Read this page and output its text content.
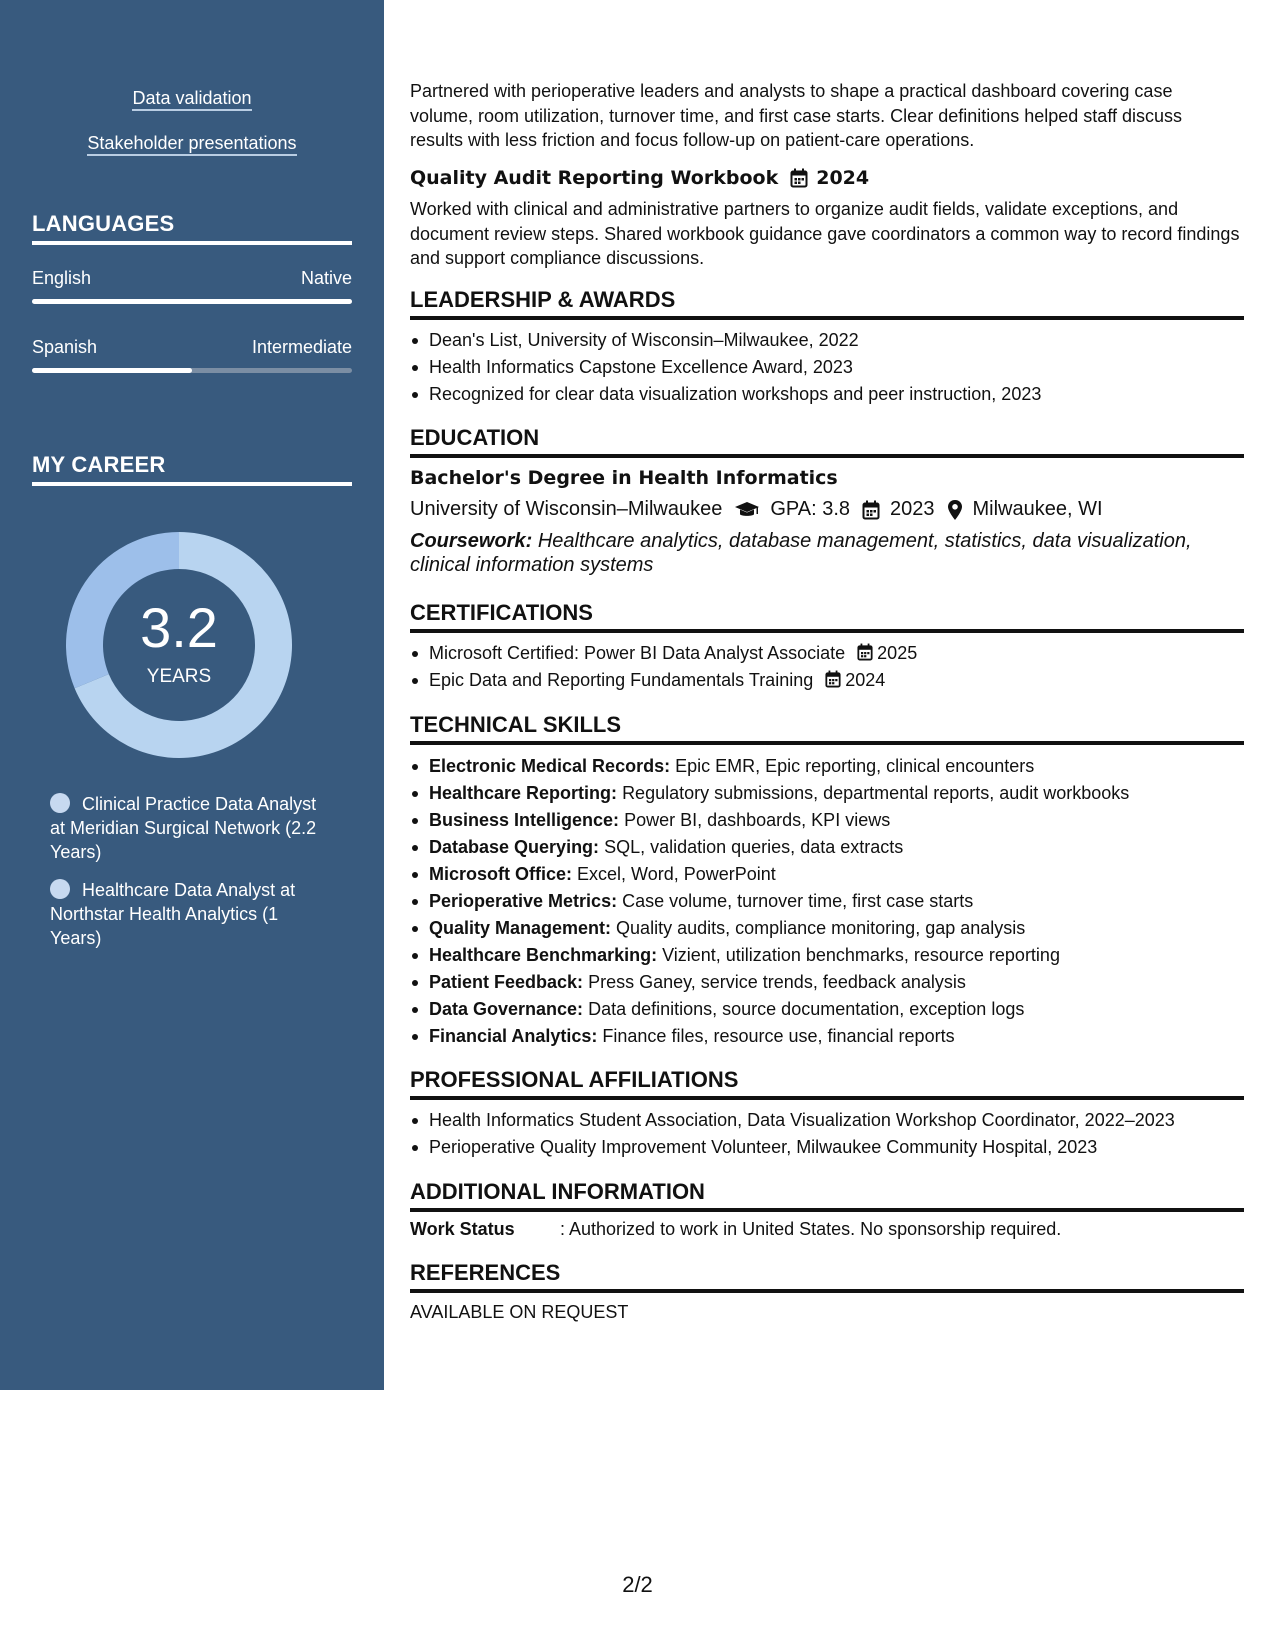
Data validation
Stakeholder presentations
LANGUAGES
English	Native
Spanish	Intermediate
MY CAREER
3.2
YEARS
Clinical Practice Data Analyst at Meridian Surgical Network (2.2 Years)
Healthcare Data Analyst at Northstar Health Analytics (1 Years)

Partnered with perioperative leaders and analysts to shape a practical dashboard covering case volume, room utilization, turnover time, and first case starts. Clear definitions helped staff discuss results with less friction and focus follow-up on patient-care operations.

Quality Audit Reporting Workbook 2024

Worked with clinical and administrative partners to organize audit fields, validate exceptions, and document review steps. Shared workbook guidance gave coordinators a common way to record findings and support compliance discussions.

LEADERSHIP & AWARDS
Dean's List, University of Wisconsin–Milwaukee, 2022
Health Informatics Capstone Excellence Award, 2023
Recognized for clear data visualization workshops and peer instruction, 2023
EDUCATION
Bachelor's Degree in Health Informatics
University of Wisconsin–Milwaukee GPA: 3.8 2023 Milwaukee, WI
Coursework: Healthcare analytics, database management, statistics, data visualization, clinical information systems
CERTIFICATIONS
Microsoft Certified: Power BI Data Analyst Associate 2025
Epic Data and Reporting Fundamentals Training 2024
TECHNICAL SKILLS
Electronic Medical Records: Epic EMR, Epic reporting, clinical encounters
Healthcare Reporting: Regulatory submissions, departmental reports, audit workbooks
Business Intelligence: Power BI, dashboards, KPI views
Database Querying: SQL, validation queries, data extracts
Microsoft Office: Excel, Word, PowerPoint
Perioperative Metrics: Case volume, turnover time, first case starts
Quality Management: Quality audits, compliance monitoring, gap analysis
Healthcare Benchmarking: Vizient, utilization benchmarks, resource reporting
Patient Feedback: Press Ganey, service trends, feedback analysis
Data Governance: Data definitions, source documentation, exception logs
Financial Analytics: Finance files, resource use, financial reports
PROFESSIONAL AFFILIATIONS
Health Informatics Student Association, Data Visualization Workshop Coordinator, 2022–2023
Perioperative Quality Improvement Volunteer, Milwaukee Community Hospital, 2023
ADDITIONAL INFORMATION
Work Status	: Authorized to work in United States. No sponsorship required.
REFERENCES
AVAILABLE ON REQUEST
2/2
